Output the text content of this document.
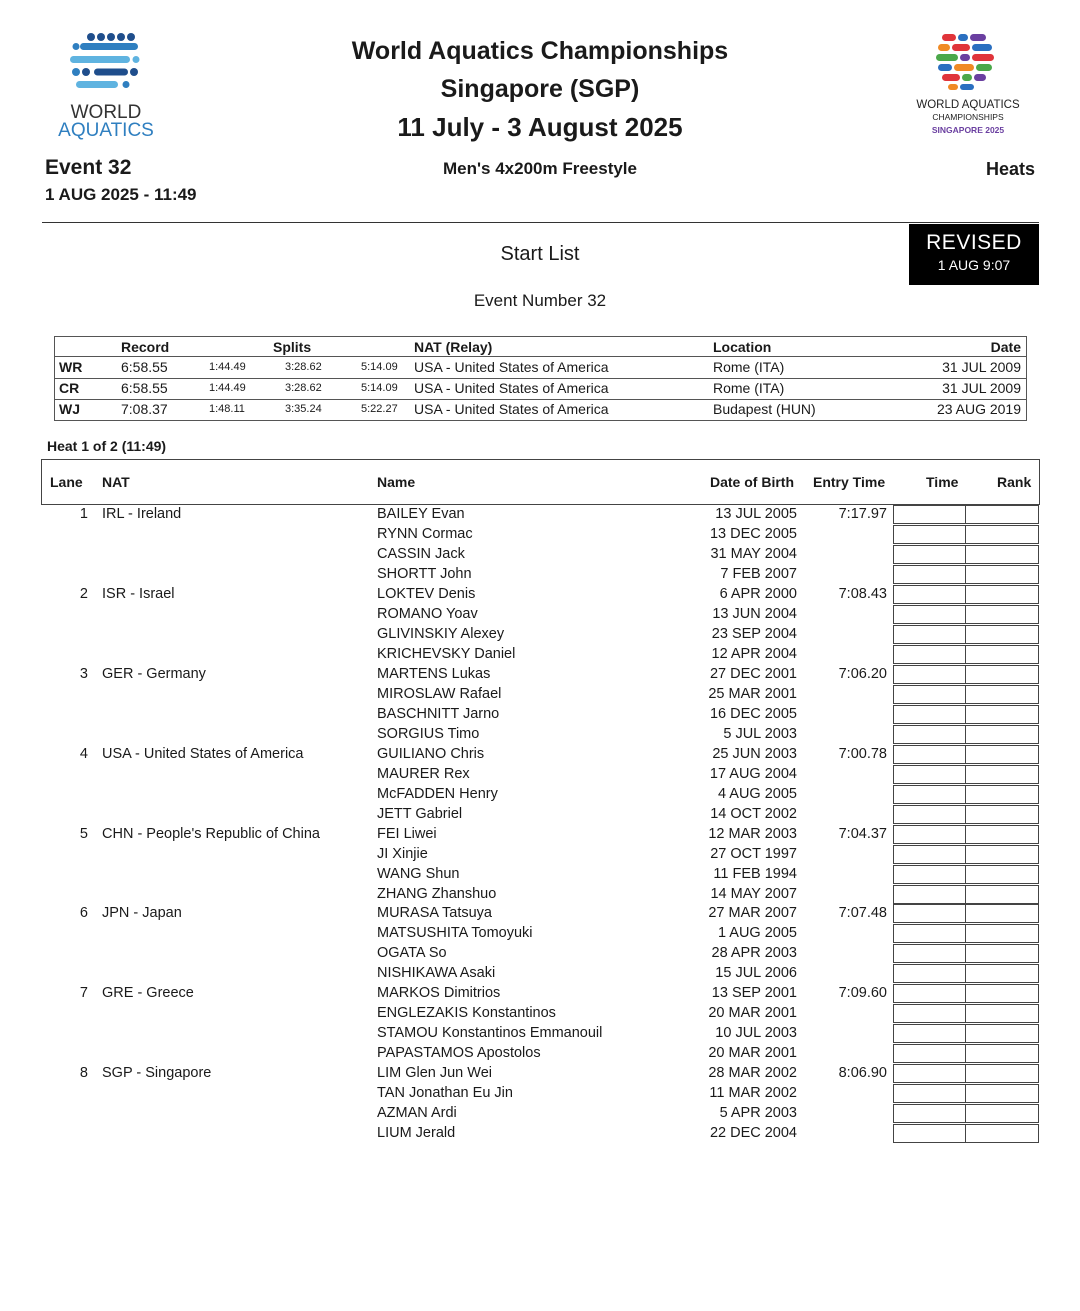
WORLD
AQUATICS
World Aquatics Championships
Singapore (SGP)
11 July - 3 August 2025
WORLD AQUATICS
CHAMPIONSHIPS
SINGAPORE 2025
Event 32
1 AUG 2025 - 11:49
Men's 4x200m Freestyle	Heats
REVISED
1 AUG 9:07
Start List
Event Number 32
Record	Splits	NAT (Relay)	Location	Date
WR	6:58.55	1:44.49	3:28.62	5:14.09 USA - United States of America	Rome (ITA)	31 JUL 2009
CR	6:58.55	1:44.49	3:28.62	5:14.09 USA - United States of America	Rome (ITA)	31 JUL 2009
WJ	7:08.37	1:48.11	3:35.24	5:22.27 USA - United States of America	Budapest (HUN)	23 AUG 2019
Heat 1 of 2 (11:49)
Lane NAT	Name	Date of Birth Entry Time	Time	Rank
1 IRL - Ireland	BAILEY Evan	13 JUL 2005	7:17.97
RYNN Cormac	13 DEC 2005
CASSIN Jack	31 MAY 2004
SHORTT John	7 FEB 2007
2 ISR - Israel	LOKTEV Denis	6 APR 2000	7:08.43
ROMANO Yoav	13 JUN 2004
GLIVINSKIY Alexey	23 SEP 2004
KRICHEVSKY Daniel	12 APR 2004
3 GER - Germany	MARTENS Lukas	27 DEC 2001	7:06.20
MIROSLAW Rafael	25 MAR 2001
BASCHNITT Jarno	16 DEC 2005
SORGIUS Timo	5 JUL 2003
4 USA - United States of America	GUILIANO Chris	25 JUN 2003	7:00.78
MAURER Rex	17 AUG 2004
McFADDEN Henry	4 AUG 2005
JETT Gabriel	14 OCT 2002
5 CHN - People's Republic of China	FEI Liwei	12 MAR 2003	7:04.37
JI Xinjie	27 OCT 1997
WANG Shun	11 FEB 1994
ZHANG Zhanshuo	14 MAY 2007
6 JPN - Japan	MURASA Tatsuya	27 MAR 2007	7:07.48
MATSUSHITA Tomoyuki	1 AUG 2005
OGATA So	28 APR 2003
NISHIKAWA Asaki	15 JUL 2006
7 GRE - Greece	MARKOS Dimitrios	13 SEP 2001	7:09.60
ENGLEZAKIS Konstantinos	20 MAR 2001
STAMOU Konstantinos Emmanouil	10 JUL 2003
PAPASTAMOS Apostolos	20 MAR 2001
8 SGP - Singapore	LIM Glen Jun Wei	28 MAR 2002	8:06.90
TAN Jonathan Eu Jin	11 MAR 2002
AZMAN Ardi	5 APR 2003
LIUM Jerald	22 DEC 2004
